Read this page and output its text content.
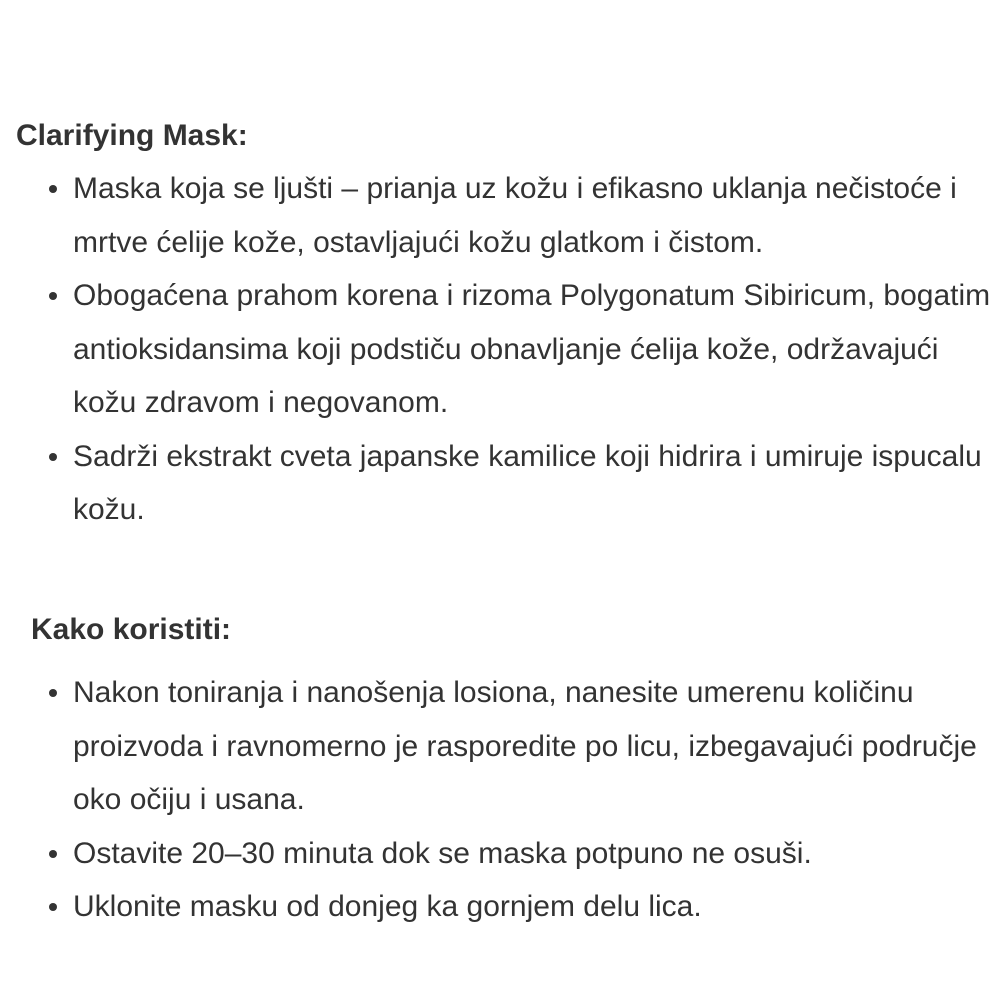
Clarifying Mask:
Maska koja se ljušti – prianja uz kožu i efikasno uklanja nečistoće i mrtve ćelije kože, ostavljajući kožu glatkom i čistom.
Obogaćena prahom korena i rizoma Polygonatum Sibiricum, bogatim antioksidansima koji podstiču obnavljanje ćelija kože, održavajući kožu zdravom i negovanom.
Sadrži ekstrakt cveta japanske kamilice koji hidrira i umiruje ispucalu kožu.
Kako koristiti:
Nakon toniranja i nanošenja losiona, nanesite umerenu količinu proizvoda i ravnomerno je rasporedite po licu, izbegavajući područje oko očiju i usana.
Ostavite 20–30 minuta dok se maska potpuno ne osuši.
Uklonite masku od donjeg ka gornjem delu lica.
